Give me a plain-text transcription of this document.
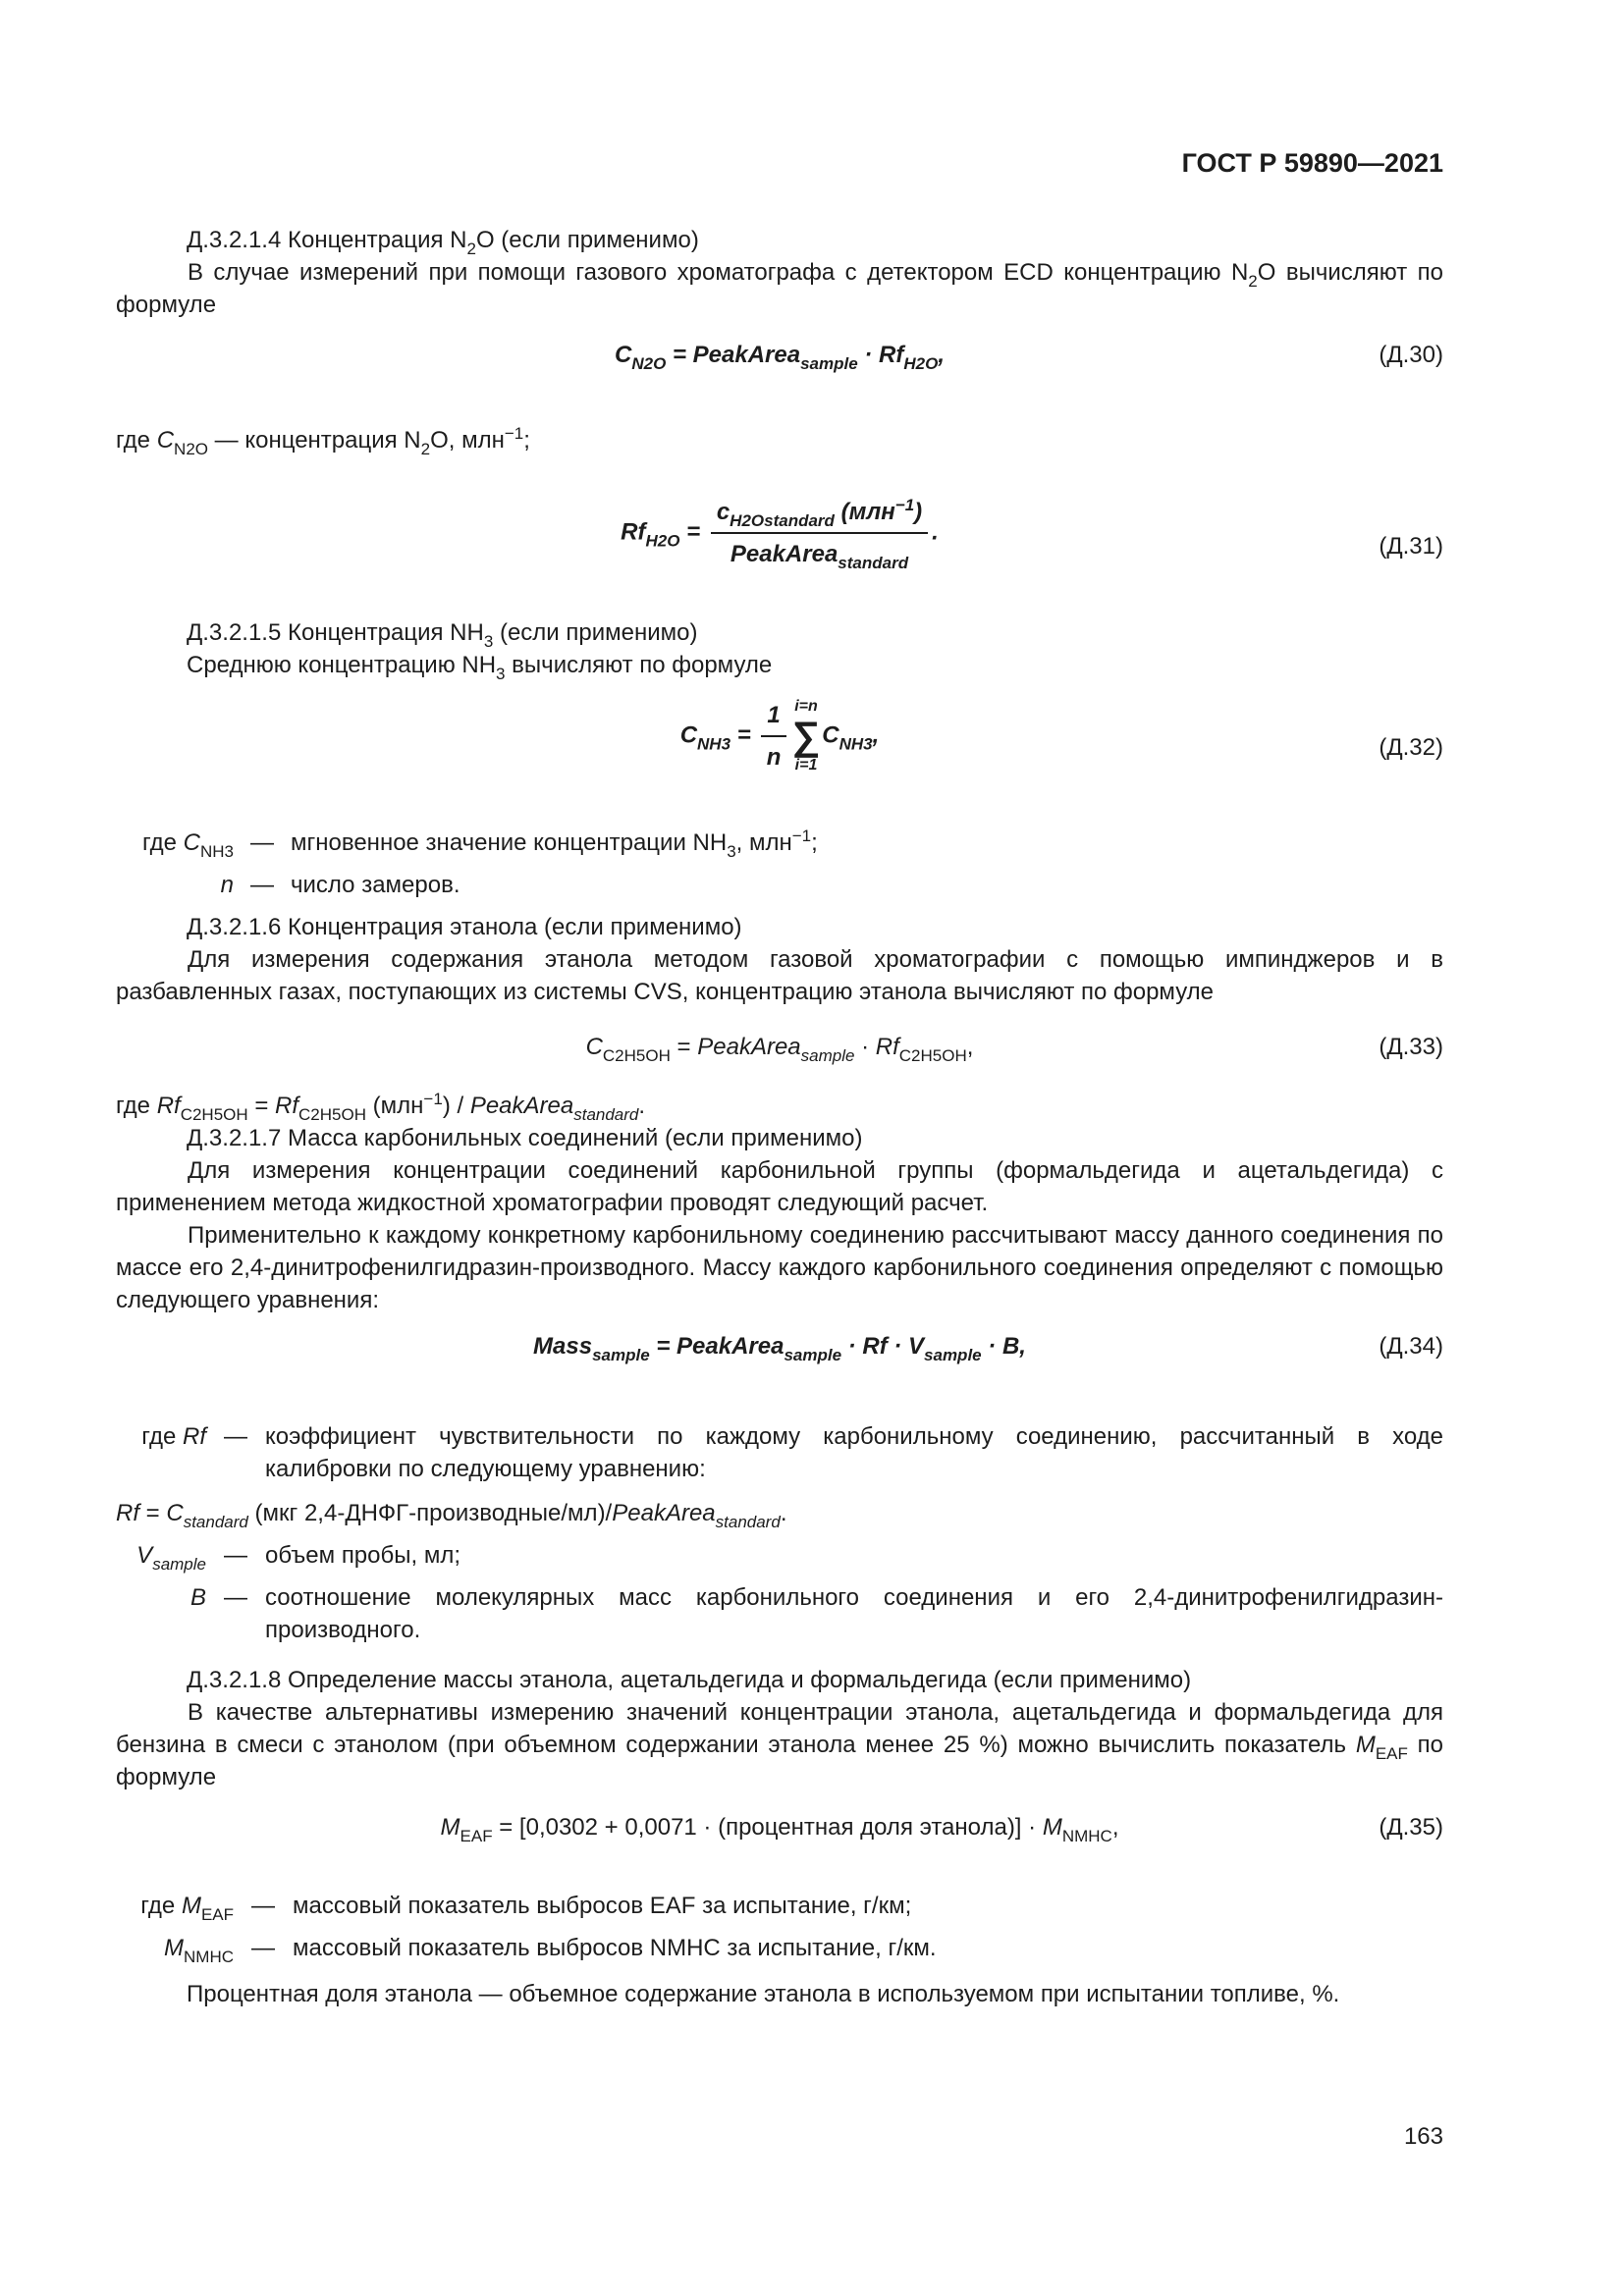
ГОСТ Р 59890—2021
Д.3.2.1.4 Концентрация $N_2O$ (если применимо)
В случае измерений при помощи газового хроматографа с детектором ECD концентрацию $N_2O$ вычисляют по формуле
$C_{N2O}$ = PeakArea$_{sample}$ · $Rf_{H2O}$,	(Д.30)
где $C_{N2O}$ — концентрация $N_2O$, млн$^{-1}$;
$Rf_{H2O} = \frac{c_{H2Ostandard} (млн^{-1})}{PeakArea_{standard}}$ .
(Д.31)
Д.3.2.1.5 Концентрация $NH_3$ (если применимо)
Среднюю концентрацию $NH_3$ вычисляют по формуле
$C_{NH3} = \frac{1}{n} i=n$
∑
i=1
$C_{NH3}$,	(Д.32)
где $C_{NH3}$ — мгновенное значение концентрации $NH_3$, млн$^{-1}$;
n — число замеров.
Д.3.2.1.6 Концентрация этанола (если применимо)
Для измерения содержания этанола методом газовой хроматографии с помощью импинджеров и в разбавленных газах, поступающих из системы CVS, концентрацию этанола вычисляют по формуле
$C_{C2H5OH}$ = PeakArea$_{sample}$ · $Rf_{C2H5OH}$,	(Д.33)
где $Rf_{C2H5OH} = Rf_{C2H5OH}$ (млн$^{-1}$) / PeakArea$_{standard}$.
Д.3.2.1.7 Масса карбонильных соединений (если применимо)
Для измерения концентрации соединений карбонильной группы (формальдегида и ацетальдегида) с применением метода жидкостной хроматографии проводят следующий расчет.
Применительно к каждому конкретному карбонильному соединению рассчитывают массу данного соединения по массе его 2,4-динитрофенилгидразин-производного. Массу каждого карбонильного соединения определяют с помощью следующего уравнения:
Mass$_{sample}$ = PeakArea$_{sample}$ · $Rf \cdot V_{sample} \cdot B$,	(Д.34)
где Rf — коэффициент чувствительности по каждому карбонильному соединению, рассчитанный в ходе калибровки по следующему уравнению:
$Rf = C_{standard}$ (мкг 2,4-ДНФГ-производные/мл)/PeakArea$_{standard}$.
$V_{sample}$ — объем пробы, мл;
B — соотношение молекулярных масс карбонильного соединения и его 2,4-динитрофенилгидразин-производного.
Д.3.2.1.8 Определение массы этанола, ацетальдегида и формальдегида (если применимо)
В качестве альтернативы измерению значений концентрации этанола, ацетальдегида и формальдегида для бензина в смеси с этанолом (при объемном содержании этанола менее 25 %) можно вычислить показатель $M_{EAF}$ по формуле
$M_{EAF} = [0,0302 + 0,0071$ · (процентная доля этанола)] · $M_{NMHC}$,	(Д.35)
где $M_{EAF}$ — массовый показатель выбросов EAF за испытание, г/км;
$M_{NMHC}$ — массовый показатель выбросов NMHC за испытание, г/км.
Процентная доля этанола — объемное содержание этанола в используемом при испытании топливе, %.
163
